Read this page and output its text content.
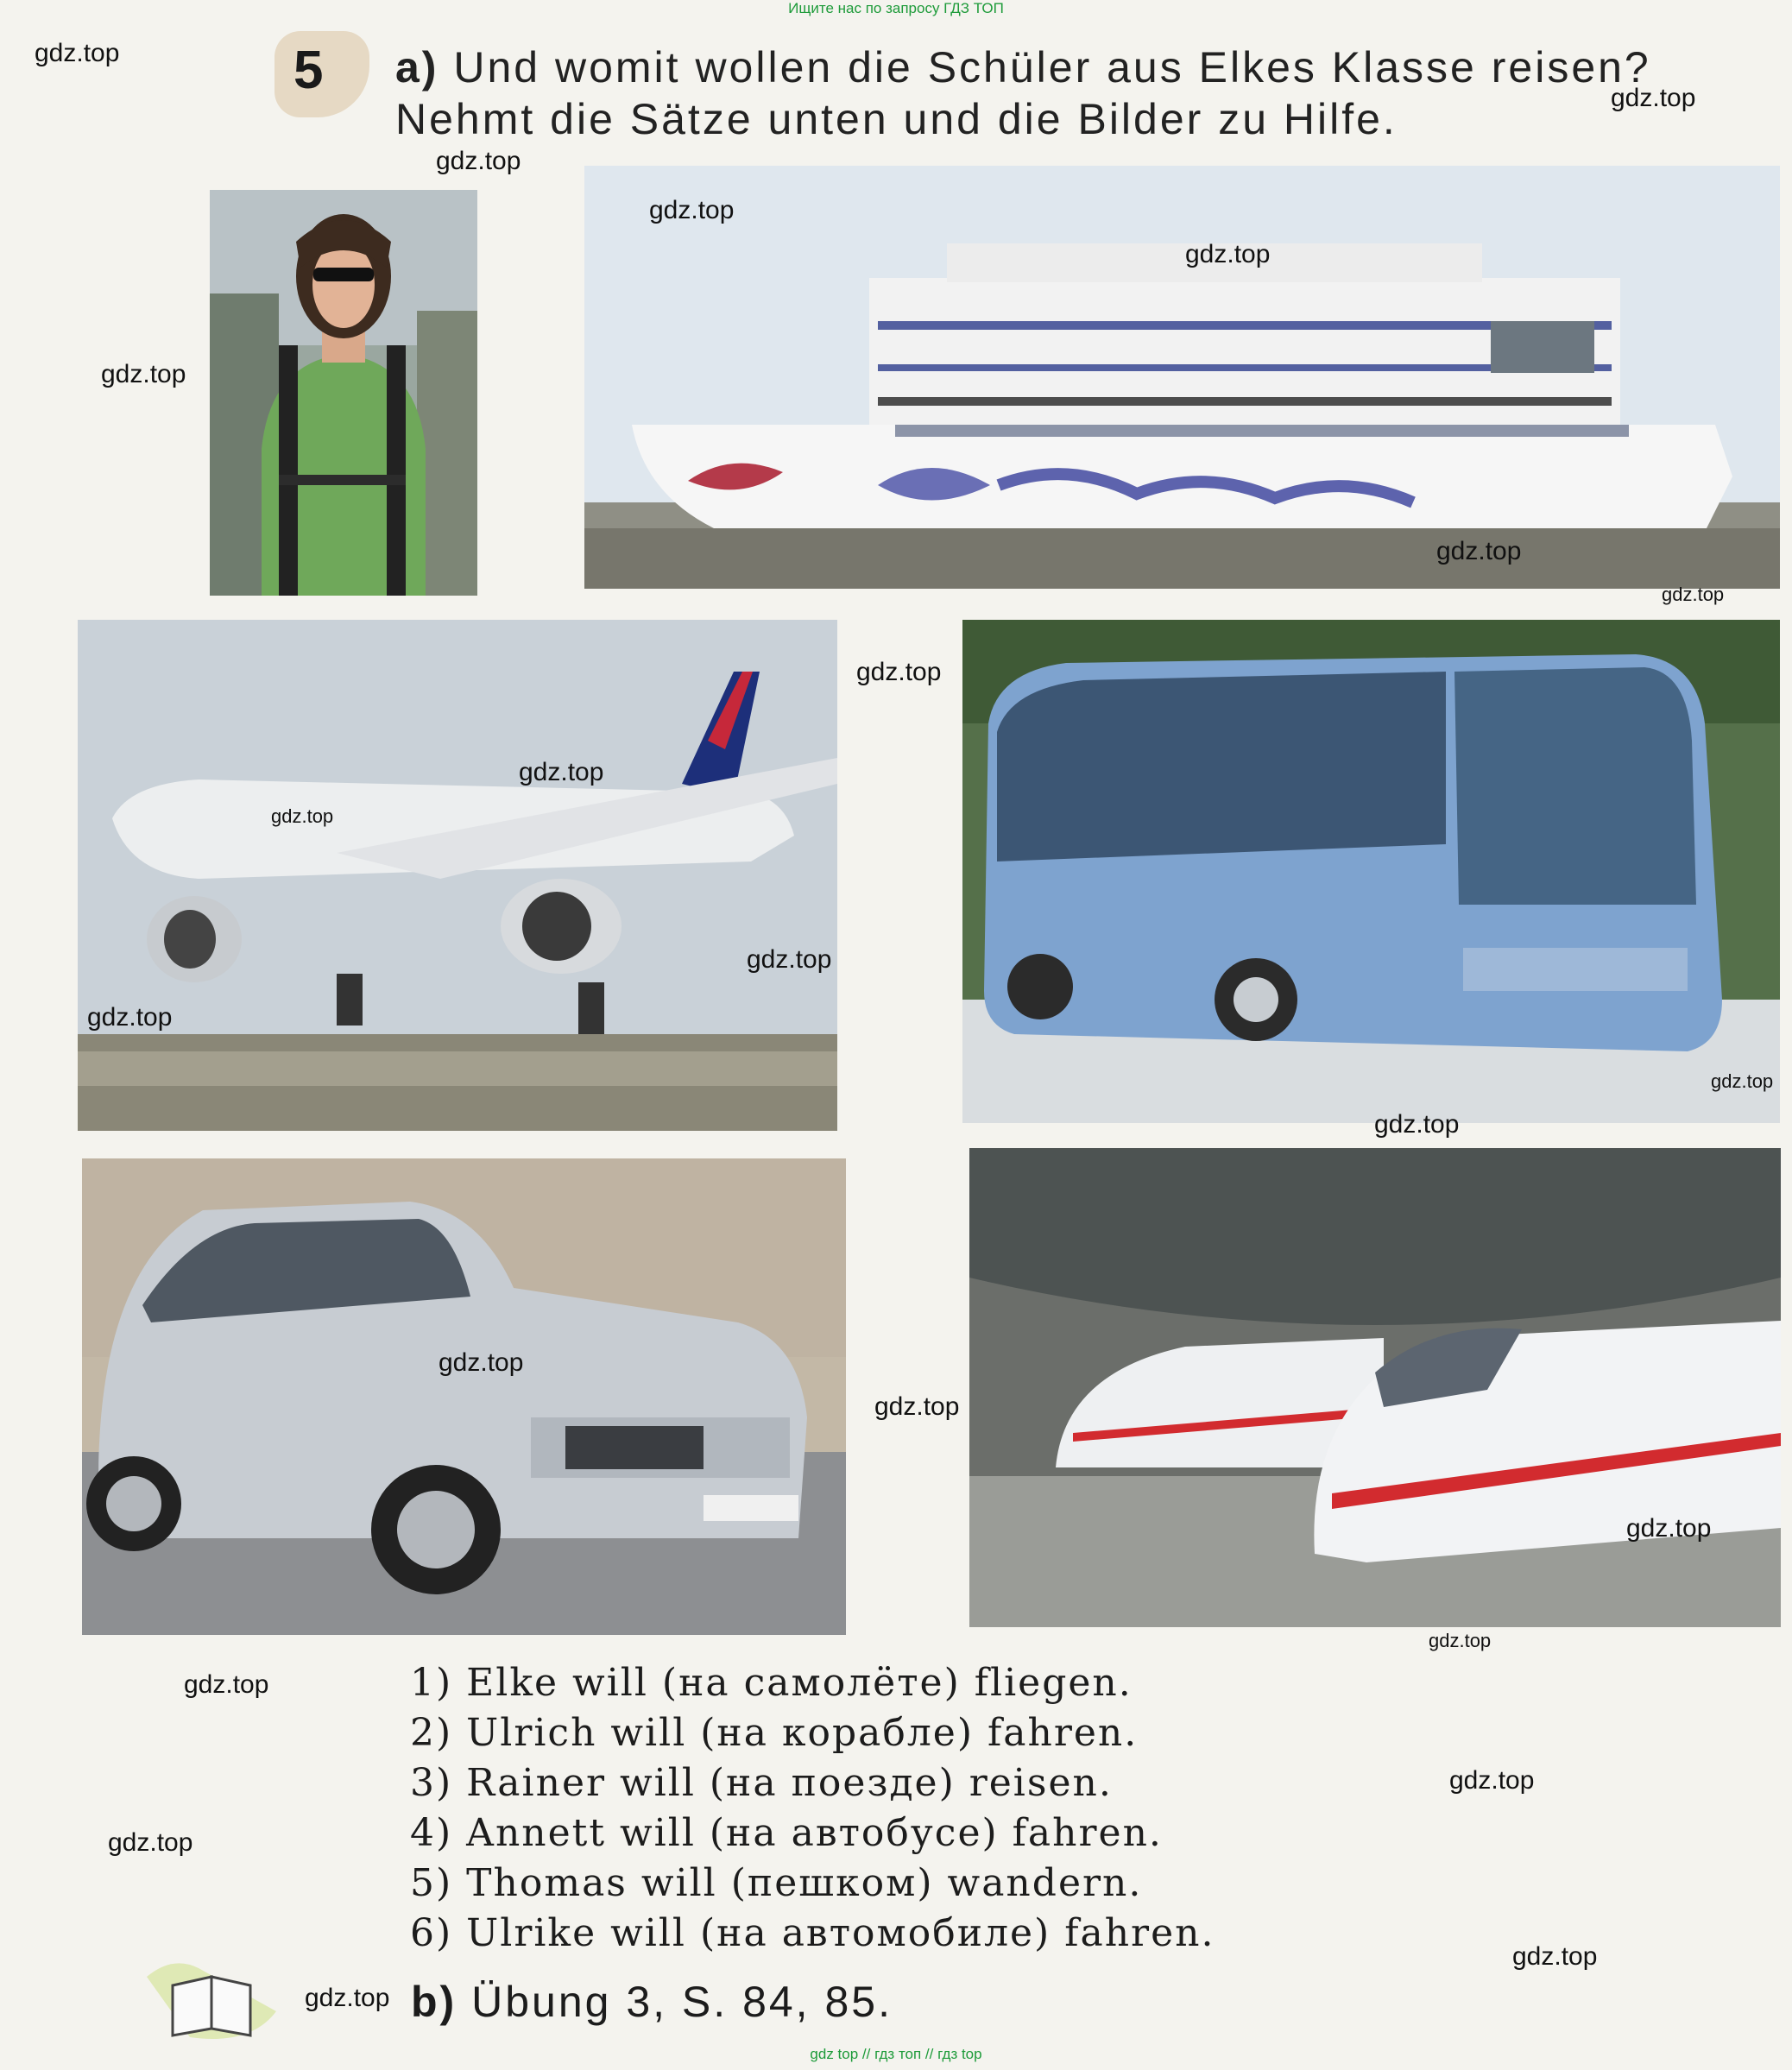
Ищите нас по запросу ГДЗ ТОП
gdz top // гдз топ // гдз top
5 a) Und womit wollen die Schüler aus Elkes Klasse reisen? Nehmt die Sätze unten und die Bilder zu Hilfe.
1) Elke will (на самолёте) fliegen.
2) Ulrich will (на корабле) fahren.
3) Rainer will (на поезде) reisen.
4) Annett will (на автобусе) fahren.
5) Thomas will (пешком) wandern.
6) Ulrike will (на автомобиле) fahren.
b) Übung 3, S. 84, 85.
gdz.top
gdz.top
gdz.top
gdz.top
gdz.top
gdz.top
gdz.top
gdz.top
gdz.top
gdz.top
gdz.top
gdz.top
gdz.top
gdz.top
gdz.top
gdz.top
gdz.top
gdz.top
gdz.top
gdz.top
gdz.top
gdz.top
gdz.top
gdz.top
